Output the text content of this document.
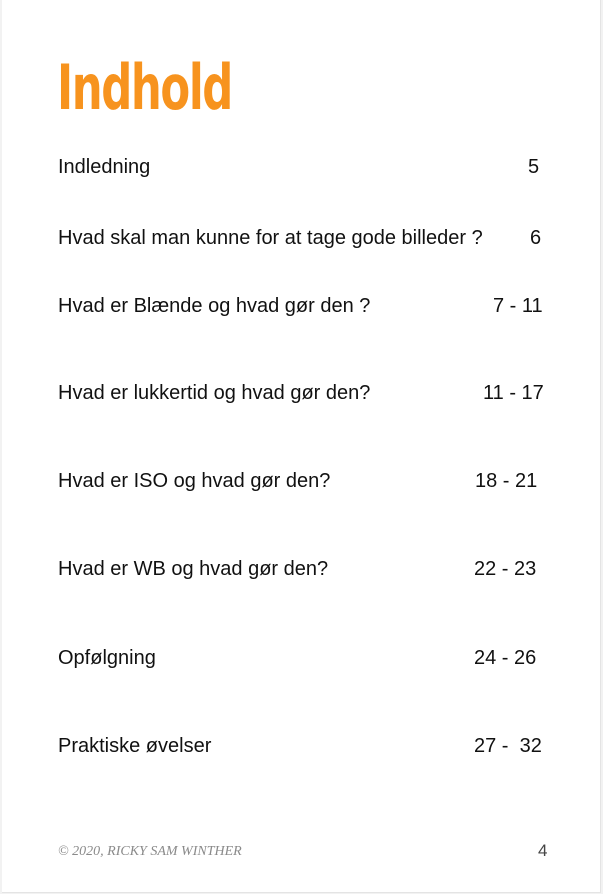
Indhold
Indledning	5
Hvad skal man kunne for at tage gode billeder ? 6
Hvad er Blænde og hvad gør den ?	7 - 11
Hvad er lukkertid og hvad gør den?	11 - 17
Hvad er ISO og hvad gør den?	18 - 21
Hvad er WB og hvad gør den?	22 - 23
Opfølgning	24 - 26
Praktiske øvelser	27 -  32
© 2020, RICKY SAM WINTHER	4
